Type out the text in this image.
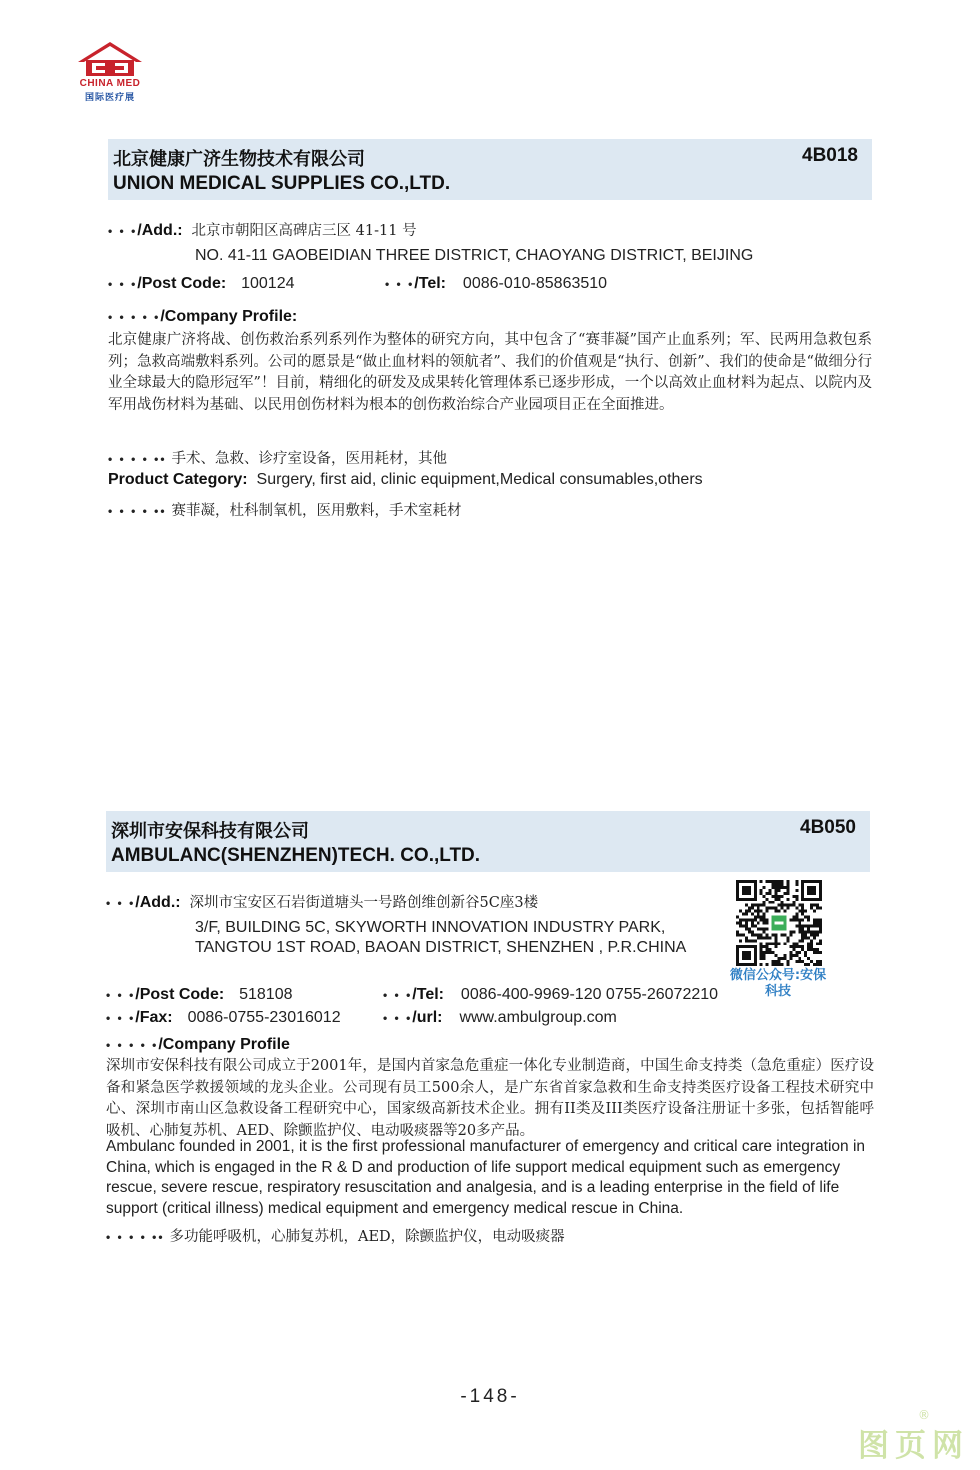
CHINA MED
国际医疗展
北京健康广济生物技术有限公司
UNION MEDICAL SUPPLIES CO.,LTD.
4B018
• • •/Add.: 北京市朝阳区高碑店三区 41-11 号
NO. 41-11 GAOBEIDIAN THREE DISTRICT, CHAOYANG DISTRICT, BEIJING
• • •/Post Code: 100124	• • •/Tel: 0086-010-85863510
• • • • •/Company Profile:
北京健康广济将战、创伤救治系列系列作为整体的研究方向，其中包含了“赛菲凝”国产止血系列；军、民两用急救包系列；急救高端敷料系列。公司的愿景是“做止血材料的领航者”、我们的价值观是“执行、创新”、我们的使命是“做细分行业全球最大的隐形冠军”！目前，精细化的研发及成果转化管理体系已逐步形成，一个以高效止血材料为起点、以院内及军用战伤材料为基础、以民用创伤材料为根本的创伤救治综合产业园项目正在全面推进。
• • • • •• 手术、急救、诊疗室设备，医用耗材，其他
Product Category: Surgery, first aid, clinic equipment,Medical consumables,others
• • • • •• 赛菲凝，杜科制氧机，医用敷料，手术室耗材
深圳市安保科技有限公司
AMBULANC(SHENZHEN)TECH. CO.,LTD.
4B050
• • •/Add.: 深圳市宝安区石岩街道塘头一号路创维创新谷5C座3楼
3/F, BUILDING 5C, SKYWORTH INNOVATION INDUSTRY PARK, TANGTOU 1ST ROAD, BAOAN DISTRICT, SHENZHEN , P.R.CHINA
• • •/Post Code: 518108	• • •/Tel: 0086-400-9969-120 0755-26072210
• • •/Fax: 0086-0755-23016012	• • •/url: www.ambulgroup.com
微信公众号:安保科技
• • • • •/Company Profile
深圳市安保科技有限公司成立于2001年，是国内首家急危重症一体化专业制造商，中国生命支持类（急危重症）医疗设备和紧急医学救援领域的龙头企业。公司现有员工500余人，是广东省首家急救和生命支持类医疗设备工程技术研究中心、深圳市南山区急救设备工程研究中心，国家级高新技术企业。拥有II类及III类医疗设备注册证十多张，包括智能呼吸机、心肺复苏机、AED、除颤监护仪、电动吸痰器等20多产品。
Ambulanc founded in 2001, it is the first professional manufacturer of emergency and critical care integration in China, which is engaged in the R & D and production of life support medical equipment such as emergency rescue, severe rescue, respiratory resuscitation and analgesia, and is a leading enterprise in the field of life support (critical illness) medical equipment and emergency medical rescue in China.
• • • • •• 多功能呼吸机，心肺复苏机，AED，除颤监护仪，电动吸痰器
-148-
图页网
®
